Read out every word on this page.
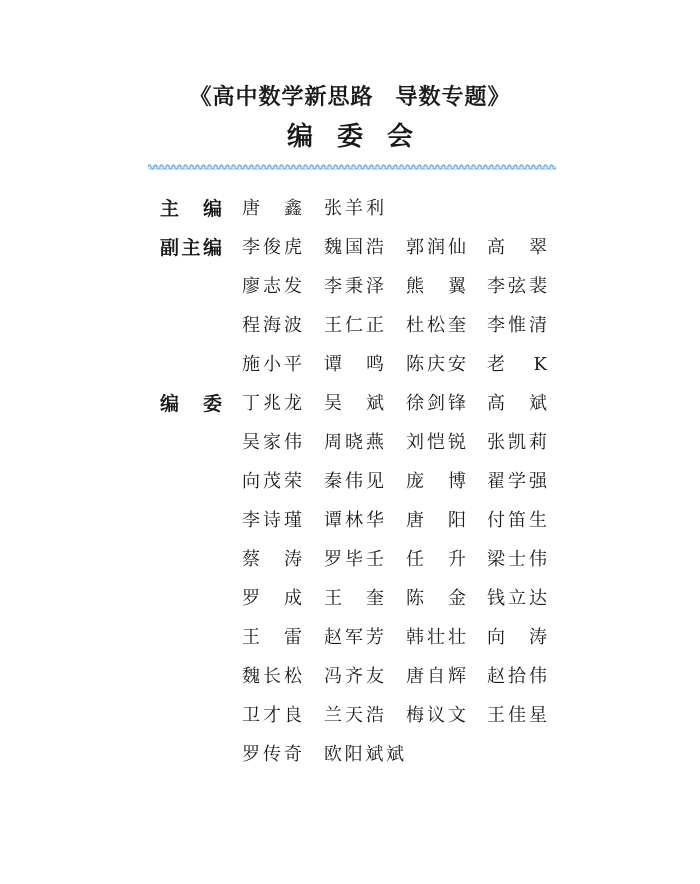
《高中数学新思路 导数专题》
编委会
主编 唐鑫 张羊利
副主编 李俊虎 魏国浩 郭润仙 高翠
廖志发 李秉泽 熊翼 李弦裴
程海波 王仁正 杜松奎 李惟清
施小平 谭鸣 陈庆安 老K
编委 丁兆龙 吴斌 徐剑锋 高斌
吴家伟 周晓燕 刘恺锐 张凯莉
向茂荣 秦伟见 庞博 翟学强
李诗瑾 谭林华 唐阳 付笛生
蔡涛 罗毕壬 任升 梁士伟
罗成 王奎 陈金 钱立达
王雷 赵军芳 韩壮壮 向涛
魏长松 冯齐友 唐自辉 赵拾伟
卫才良 兰天浩 梅议文 王佳星
罗传奇 欧阳斌斌
